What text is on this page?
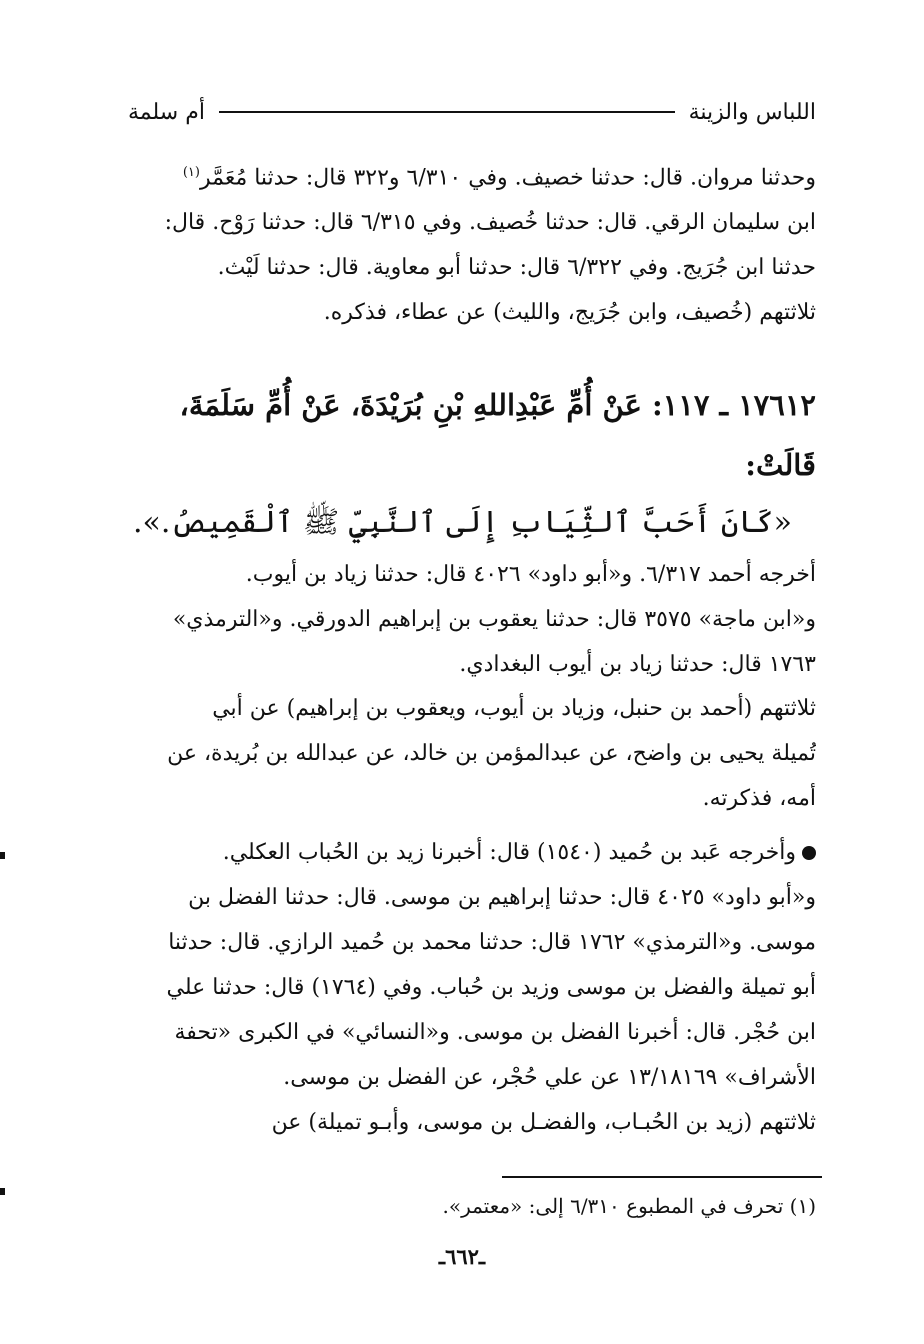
اللباس والزينة
أم سلمة
وحدثنا مروان. قال: حدثنا خصيف. وفي ٦/٣١٠ و٣٢٢ قال: حدثنا مُعَمَّر$^{(١)}$
ابن سليمان الرقي. قال: حدثنا خُصيف. وفي ٦/٣١٥ قال: حدثنا رَوْح. قال:
حدثنا ابن جُرَيج. وفي ٦/٣٢٢ قال: حدثنا أبو معاوية. قال: حدثنا لَيْث.
ثلاثتهم (خُصيف، وابن جُرَيج، والليث) عن عطاء، فذكره.
١٧٦١٢ ـ ١١٧: عَنْ أُمِّ عَبْدِاللهِ بْنِ بُرَيْدَةَ، عَنْ أُمِّ سَلَمَةَ،
قَالَتْ:
«كَانَ أَحَبَّ ٱلثِّيَابِ إِلَى ٱلنَّبِيِّ ﷺ ٱلْقَمِيصُ.».
أخرجه أحمد ٦/٣١٧. و«أبو داود» ٤٠٢٦ قال: حدثنا زياد بن أيوب.
و«ابن ماجة» ٣٥٧٥ قال: حدثنا يعقوب بن إبراهيم الدورقي. و«الترمذي»
١٧٦٣ قال: حدثنا زياد بن أيوب البغدادي.
ثلاثتهم (أحمد بن حنبل، وزياد بن أيوب، ويعقوب بن إبراهيم) عن أبي
تُميلة يحيى بن واضح، عن عبدالمؤمن بن خالد، عن عبدالله بن بُريدة، عن
أمه، فذكرته.
وأخرجه عَبد بن حُميد (١٥٤٠) قال: أخبرنا زيد بن الحُباب العكلي.
و«أبو داود» ٤٠٢٥ قال: حدثنا إبراهيم بن موسى. قال: حدثنا الفضل بن
موسى. و«الترمذي» ١٧٦٢ قال: حدثنا محمد بن حُميد الرازي. قال: حدثنا
أبو تميلة والفضل بن موسى وزيد بن حُباب. وفي (١٧٦٤) قال: حدثنا علي
ابن حُجْر. قال: أخبرنا الفضل بن موسى. و«النسائي» في الكبرى «تحفة
الأشراف» ١٣/١٨١٦٩ عن علي حُجْر، عن الفضل بن موسى.
ثلاثتهم (زيد بن الحُبـاب، والفضـل بن موسى، وأبـو تميلة) عن
(١) تحرف في المطبوع ٦/٣١٠ إلى: «معتمر».
ـ٦٦٢ـ
